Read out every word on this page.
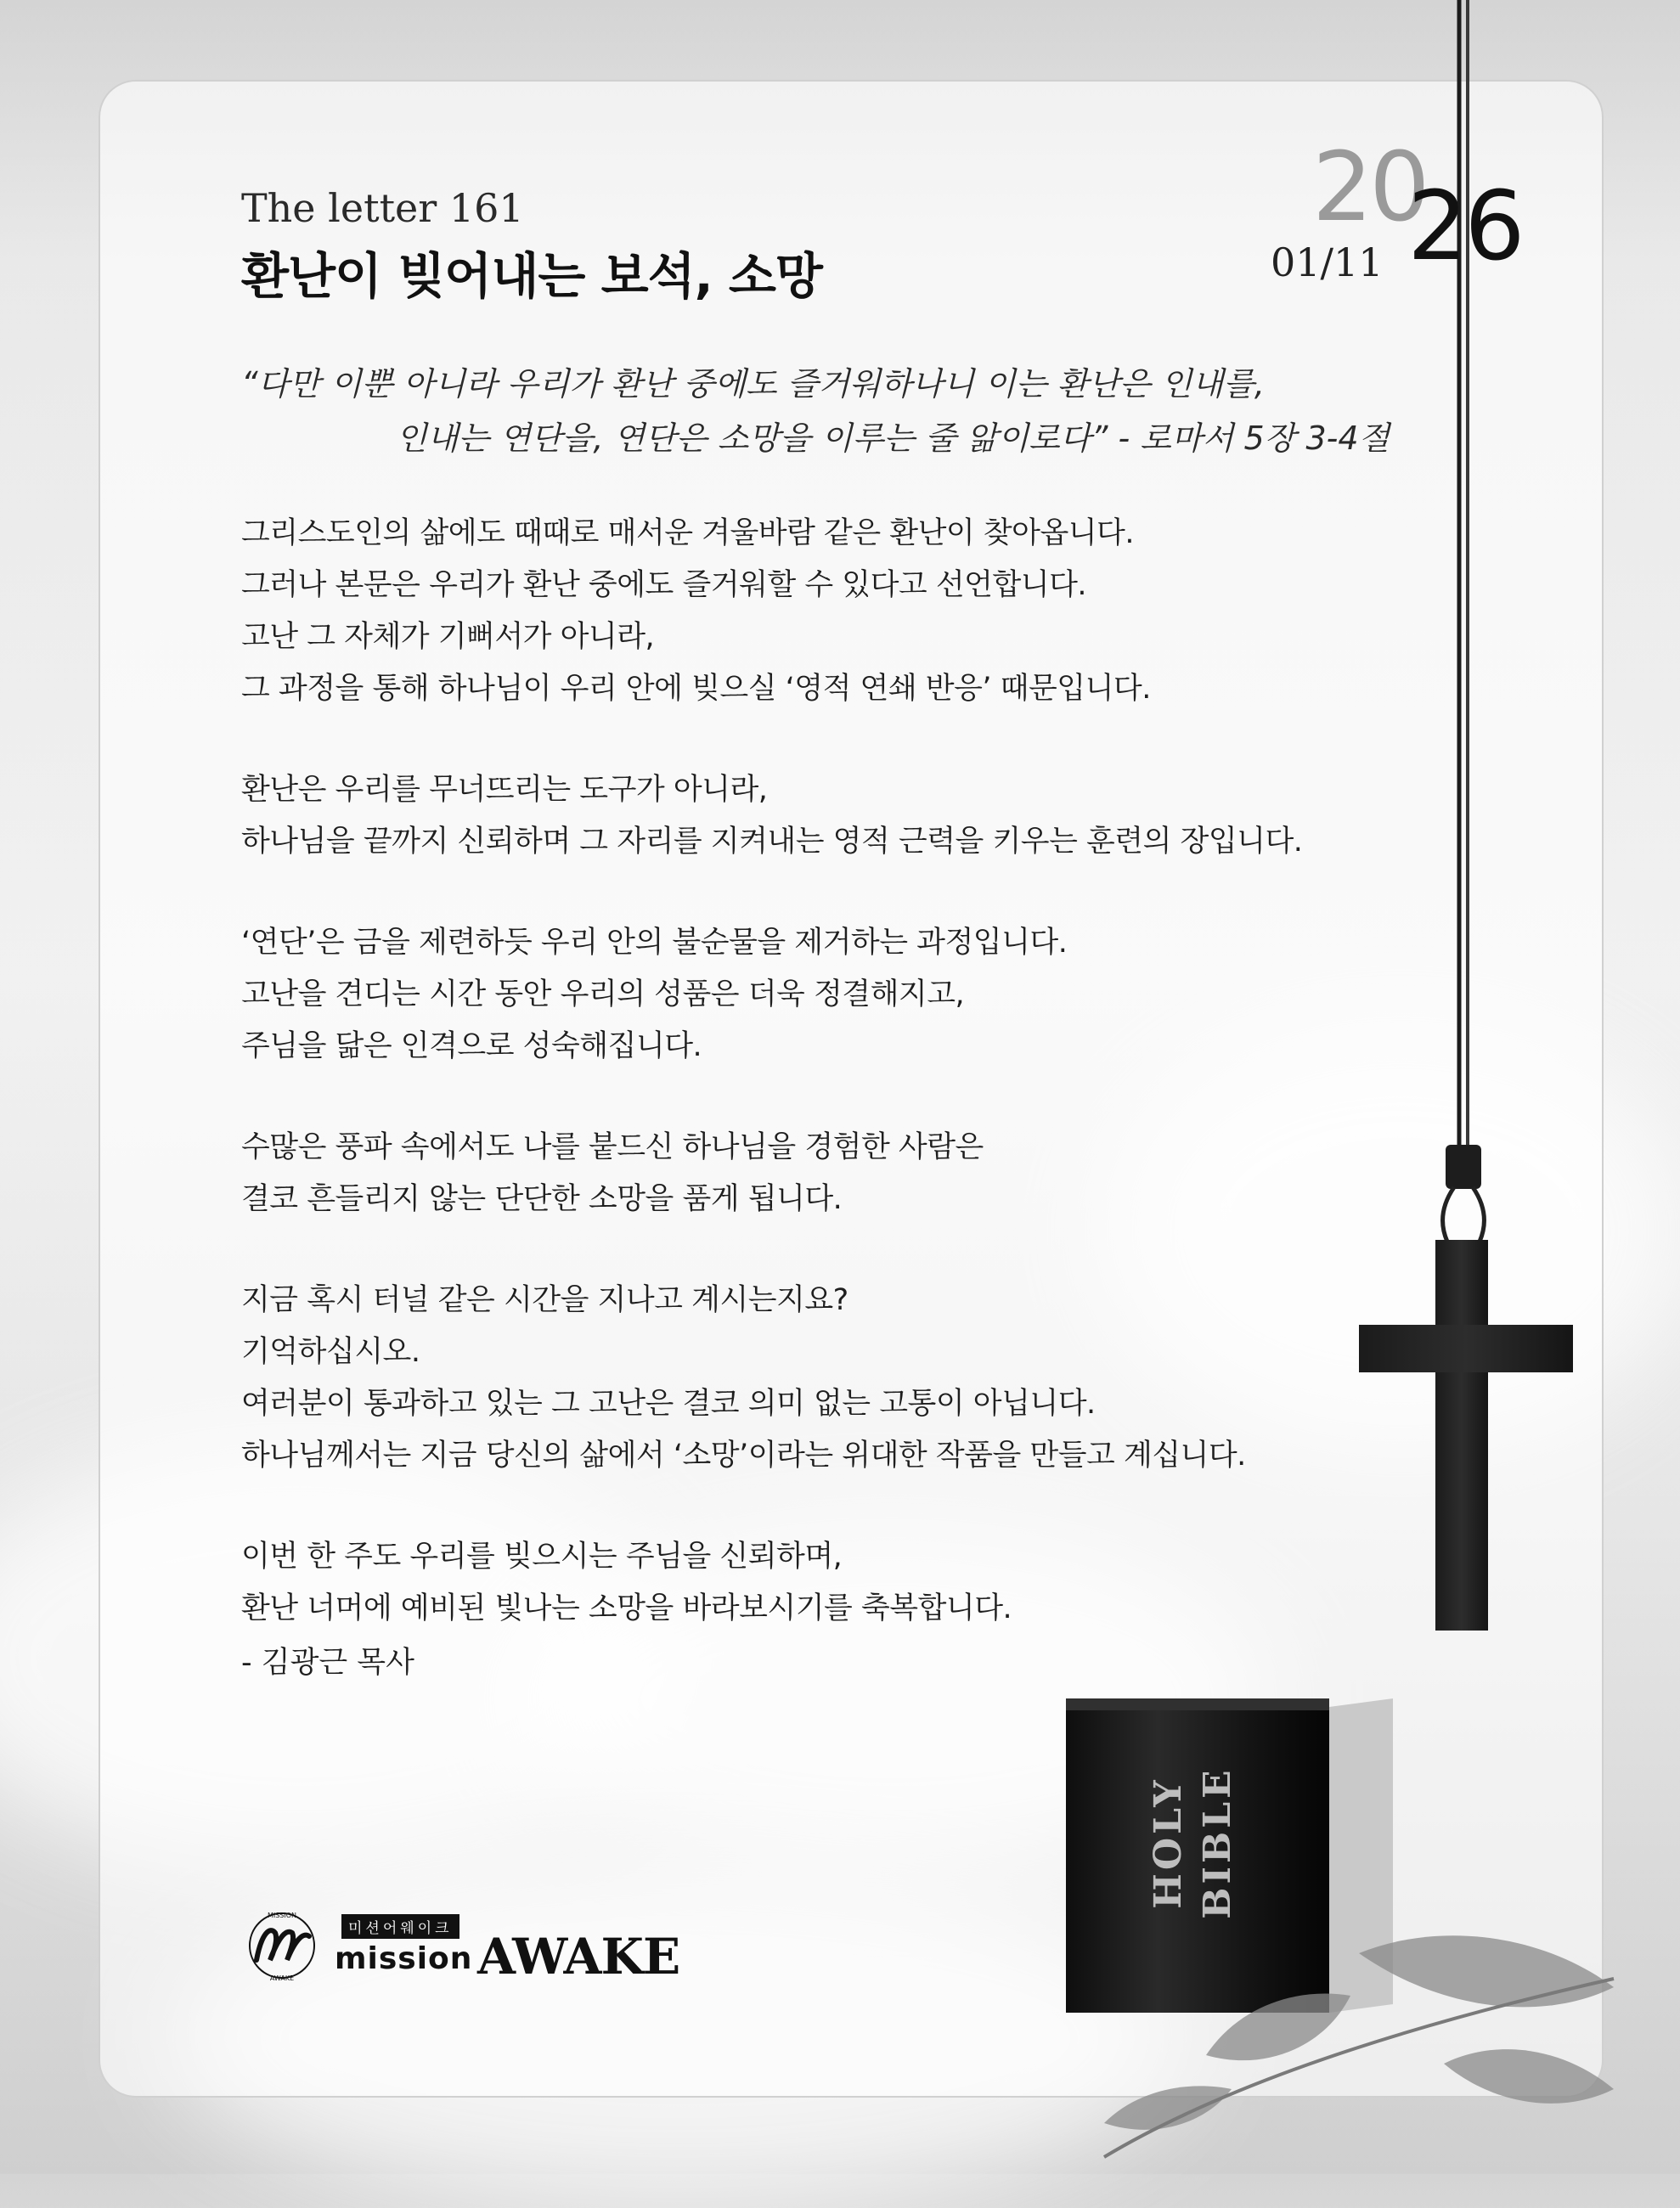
HOLY BIBLE
The letter 161
환난이 빚어내는 보석, 소망
20
26
01/11
“다만 이뿐 아니라 우리가 환난 중에도 즐거워하나니 이는 환난은 인내를,
인내는 연단을, 연단은 소망을 이루는 줄 앎이로다” - 로마서 5장 3-4절
그리스도인의 삶에도 때때로 매서운 겨울바람 같은 환난이 찾아옵니다.
그러나 본문은 우리가 환난 중에도 즐거워할 수 있다고 선언합니다.
고난 그 자체가 기뻐서가 아니라,
그 과정을 통해 하나님이 우리 안에 빚으실 ‘영적 연쇄 반응’ 때문입니다.
환난은 우리를 무너뜨리는 도구가 아니라,
하나님을 끝까지 신뢰하며 그 자리를 지켜내는 영적 근력을 키우는 훈련의 장입니다.
‘연단’은 금을 제련하듯 우리 안의 불순물을 제거하는 과정입니다.
고난을 견디는 시간 동안 우리의 성품은 더욱 정결해지고,
주님을 닮은 인격으로 성숙해집니다.
수많은 풍파 속에서도 나를 붙드신 하나님을 경험한 사람은
결코 흔들리지 않는 단단한 소망을 품게 됩니다.
지금 혹시 터널 같은 시간을 지나고 계시는지요?
기억하십시오.
여러분이 통과하고 있는 그 고난은 결코 의미 없는 고통이 아닙니다.
하나님께서는 지금 당신의 삶에서 ‘소망’이라는 위대한 작품을 만들고 계십니다.
이번 한 주도 우리를 빚으시는 주님을 신뢰하며,
환난 너머에 예비된 빛나는 소망을 바라보시기를 축복합니다.
- 김광근 목사
MISSION
AWAKE
미션어웨이크
mission AWAKE
